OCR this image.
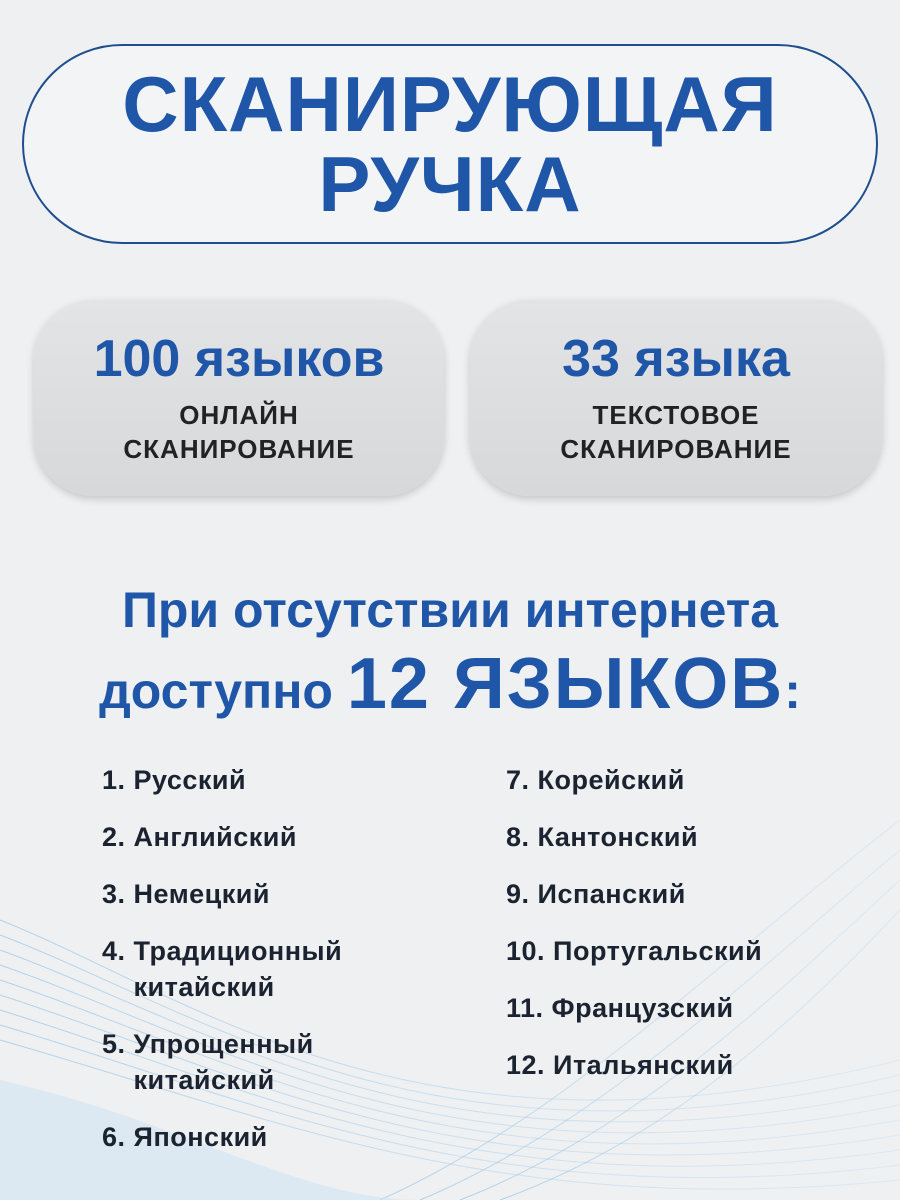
СКАНИРУЮЩАЯ
РУЧКА
100 языков
ОНЛАЙН
СКАНИРОВАНИЕ
33 языка
ТЕКСТОВОЕ
СКАНИРОВАНИЕ
При отсутствии интернета
доступно 12 ЯЗЫКОВ:
1. Русский
2. Английский
3. Немецкий
4. Традиционный китайский
5. Упрощенный китайский
6. Японский
7. Корейский
8. Кантонский
9. Испанский
10. Португальский
11. Французский
12. Итальянский
